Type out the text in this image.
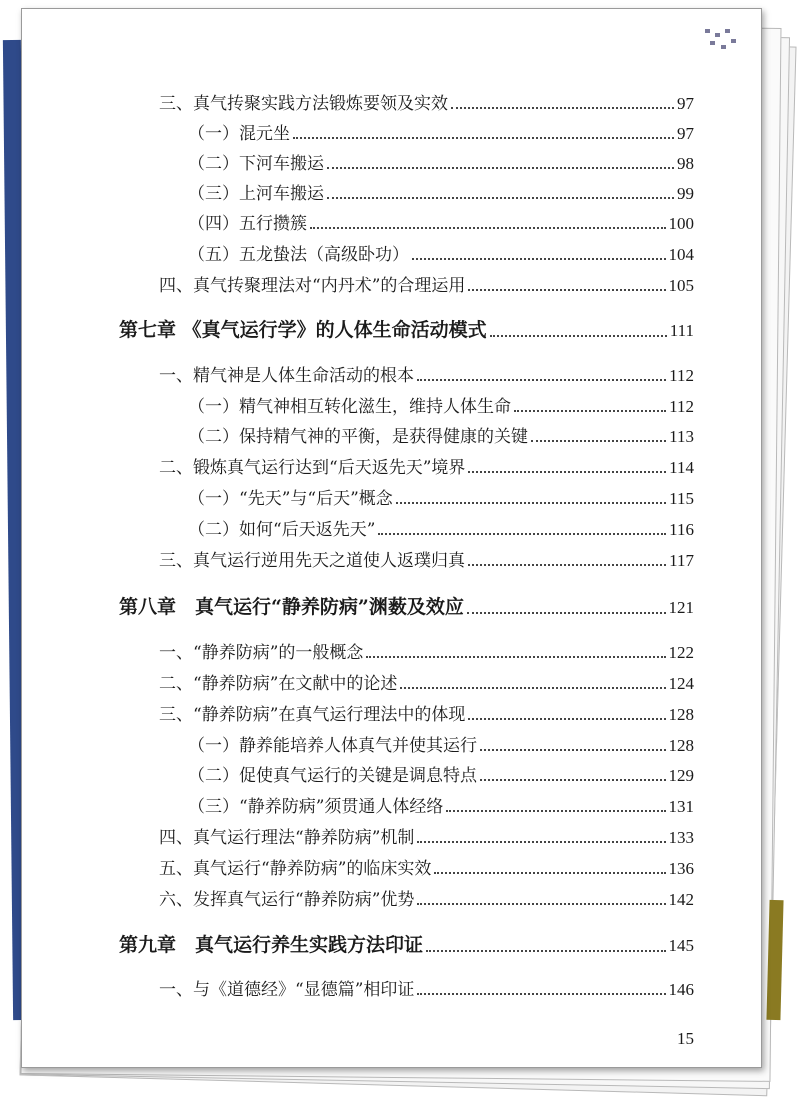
三、真气抟聚实践方法锻炼要领及实效	97
（一）混元坐	97
（二）下河车搬运	98
（三）上河车搬运	99
（四）五行攒簇	100
（五）五龙蛰法（高级卧功）	104
四、真气抟聚理法对“内丹术”的合理运用	105
第七章 《真气运行学》的人体生命活动模式	111
一、精气神是人体生命活动的根本	112
（一）精气神相互转化滋生，维持人体生命	112
（二）保持精气神的平衡，是获得健康的关键	113
二、锻炼真气运行达到“后天返先天”境界	114
（一）“先天”与“后天”概念	115
（二）如何“后天返先天”	116
三、真气运行逆用先天之道使人返璞归真	117
第八章　真气运行“静养防病”渊薮及效应	121
一、“静养防病”的一般概念	122
二、“静养防病”在文献中的论述	124
三、“静养防病”在真气运行理法中的体现	128
（一）静养能培养人体真气并使其运行	128
（二）促使真气运行的关键是调息特点	129
（三）“静养防病”须贯通人体经络	131
四、真气运行理法“静养防病”机制	133
五、真气运行“静养防病”的临床实效	136
六、发挥真气运行“静养防病”优势	142
第九章　真气运行养生实践方法印证	145
一、与《道德经》“显德篇”相印证	146
15
